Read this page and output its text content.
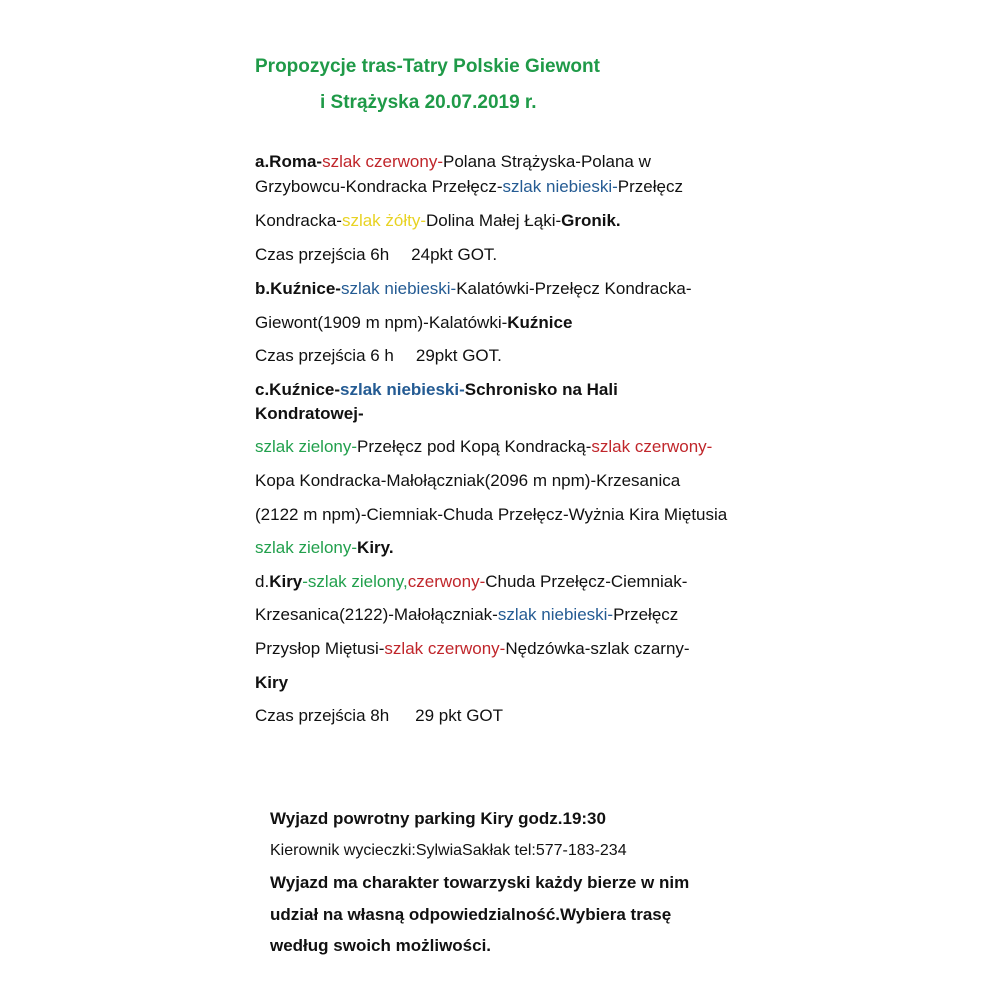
Propozycje tras-Tatry Polskie Giewont
i Strążyska 20.07.2019 r.
a.Roma-szlak czerwony-Polana Strążyska-Polana w
Grzybowcu-Kondracka Przełęcz-szlak niebieski-Przełęcz
Kondracka-szlak żółty-Dolina Małej Łąki-Gronik.
Czas przejścia 6h 24pkt GOT.
b.Kuźnice-szlak niebieski-Kalatówki-Przełęcz Kondracka-
Giewont(1909 m npm)-Kalatówki-Kuźnice
Czas przejścia 6 h 29pkt GOT.
c.Kuźnice-szlak niebieski-Schronisko na Hali
Kondratowej-
szlak zielony-Przełęcz pod Kopą Kondracką-szlak czerwony-
Kopa Kondracka-Małołączniak(2096 m npm)-Krzesanica
(2122 m npm)-Ciemniak-Chuda Przełęcz-Wyżnia Kira Miętusia
szlak zielony-Kiry.
d.Kiry-szlak zielony,czerwony-Chuda Przełęcz-Ciemniak-
Krzesanica(2122)-Małołączniak-szlak niebieski-Przełęcz
Przysłop Miętusi-szlak czerwony-Nędzówka-szlak czarny-
Kiry
Czas przejścia 8h 29 pkt GOT
Wyjazd powrotny parking Kiry godz.19:30
Kierownik wycieczki:SylwiaSakłak tel:577-183-234
Wyjazd ma charakter towarzyski każdy bierze w nim
udział na własną odpowiedzialność.Wybiera trasę
według swoich możliwości.
